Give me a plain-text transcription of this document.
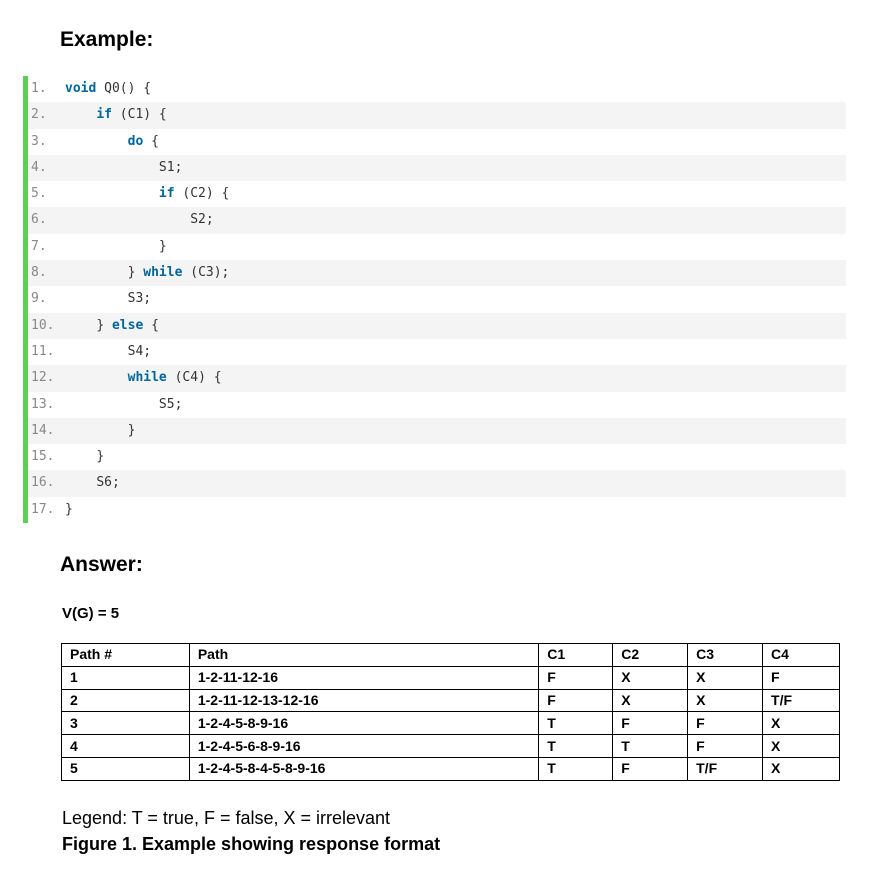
Example:
1. void Q0() {
2.	if (C1) {
3.	do {
4.	S1;
5.	if (C2) {
6.	S2;
7.	}
8.	} while (C3);
9.	S3;
10.	} else {
11.	S4;
12.	while (C4) {
13.	S5;
14.	}
15.	}
16.	S6;
17. }
Answer:
V(G) = 5
Path #	Path	C1	C2	C3	C4
1	1-2-11-12-16	F	X	X	F
2	1-2-11-12-13-12-16	F	X	X	T/F
3	1-2-4-5-8-9-16	T	F	F	X
4	1-2-4-5-6-8-9-16	T	T	F	X
5	1-2-4-5-8-4-5-8-9-16	T	F	T/F	X
Legend: T = true, F = false, X = irrelevant
Figure 1. Example showing response format
